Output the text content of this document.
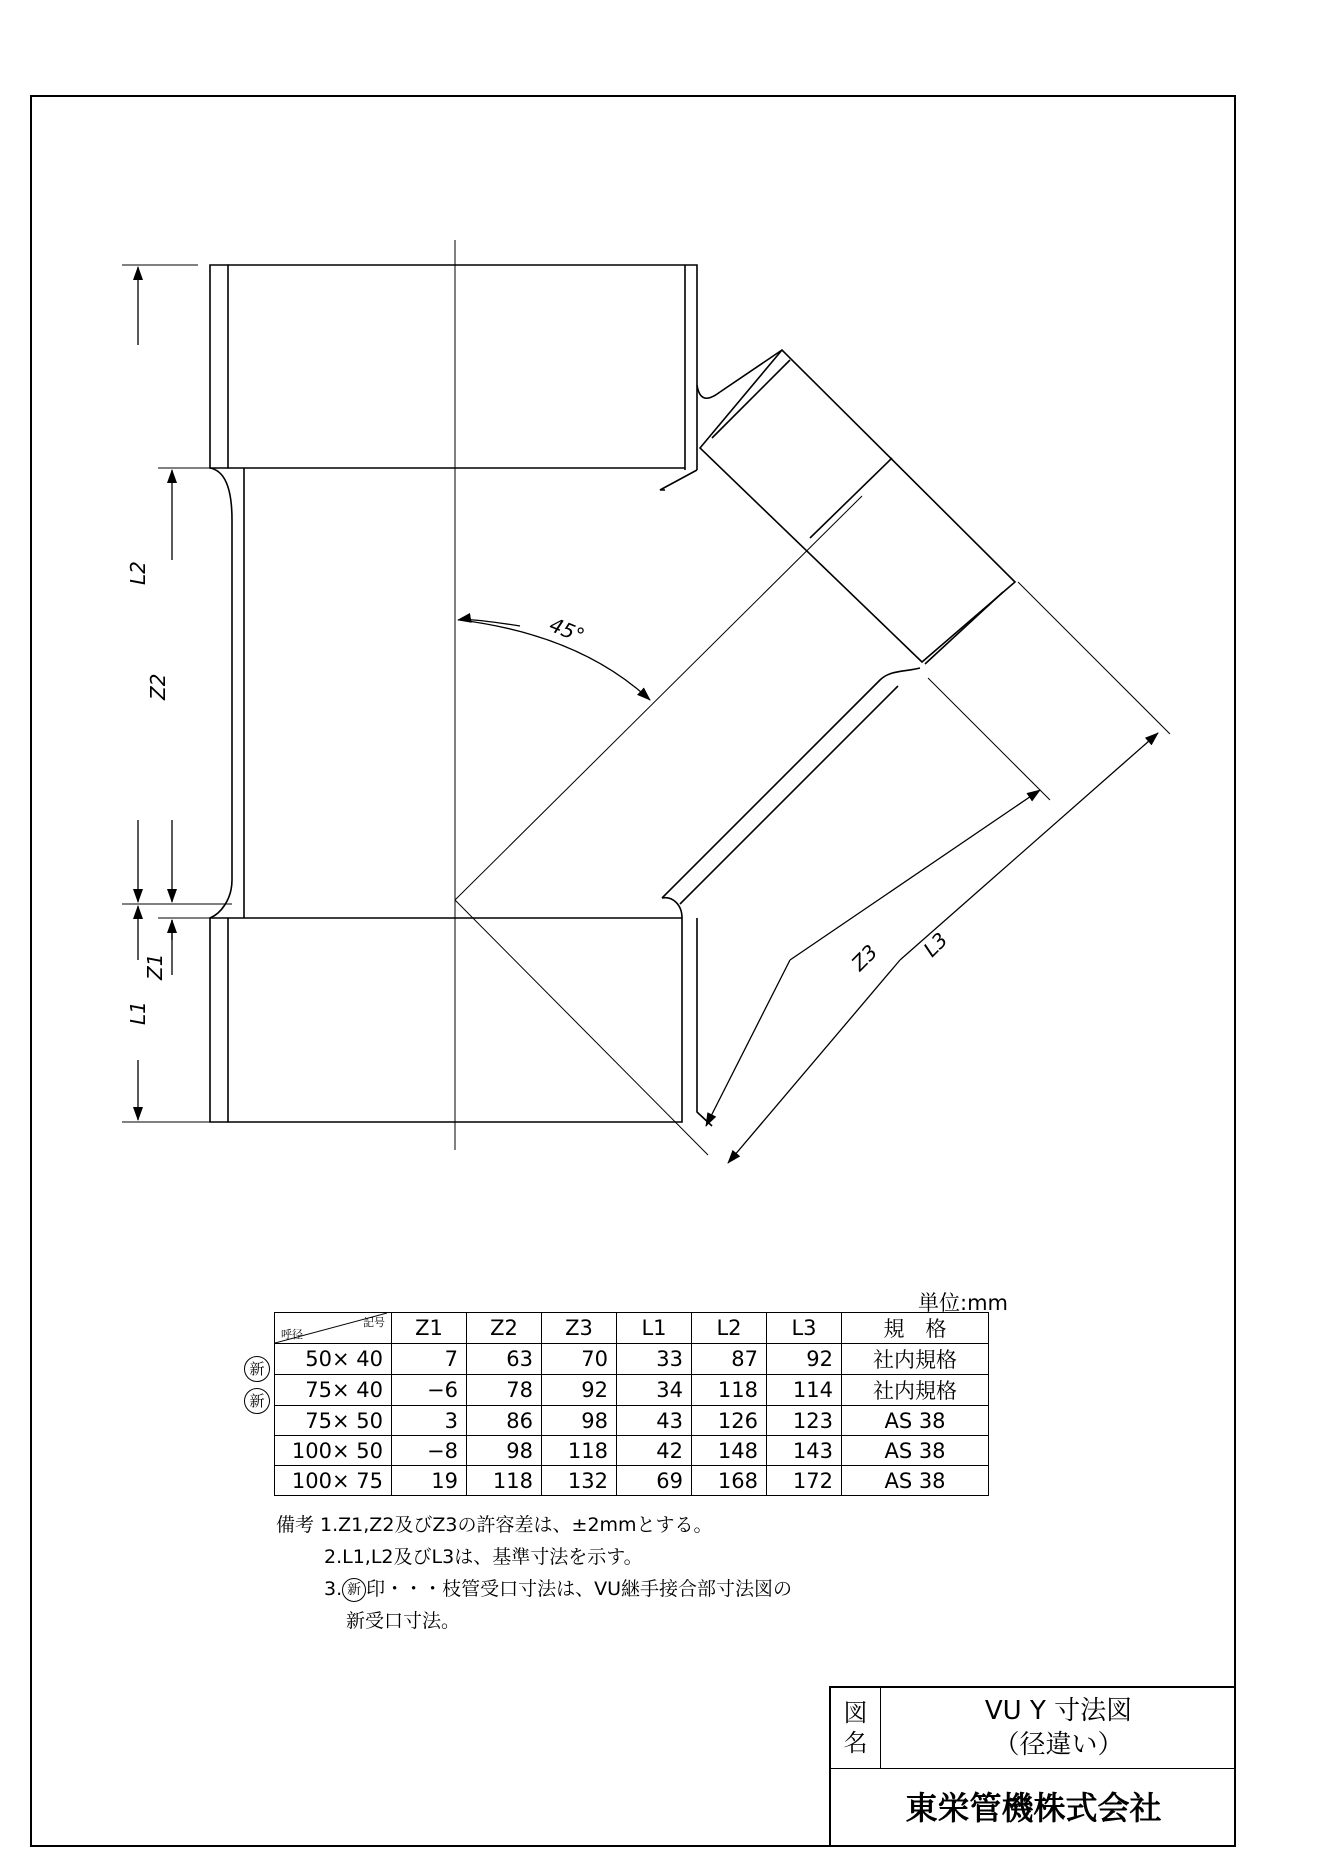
L2
Z2
L1
Z1	Z3 L3
45°
単位:mm
記号
呼径	Z1	Z2	Z3	L1	L2	L3	規　格
50× 40	7	63	70	33	87	92	社内規格
75× 40	−6	78	92	34	118	114	社内規格
75× 50	3	86	98	43	126	123	AS 38
100× 50	−8	98	118	42	148	143	AS 38
100× 75	19	118	132	69	168	172	AS 38
新
新
備考 1.Z1,Z2及びZ3の許容差は、±2mmとする。
2.L1,L2及びL3は、基準寸法を示す。
3. 新 印・・・枝管受口寸法は、VU継手接合部寸法図の
新受口寸法。
図
名
VU Y 寸法図
（径違い）
東栄管機株式会社
